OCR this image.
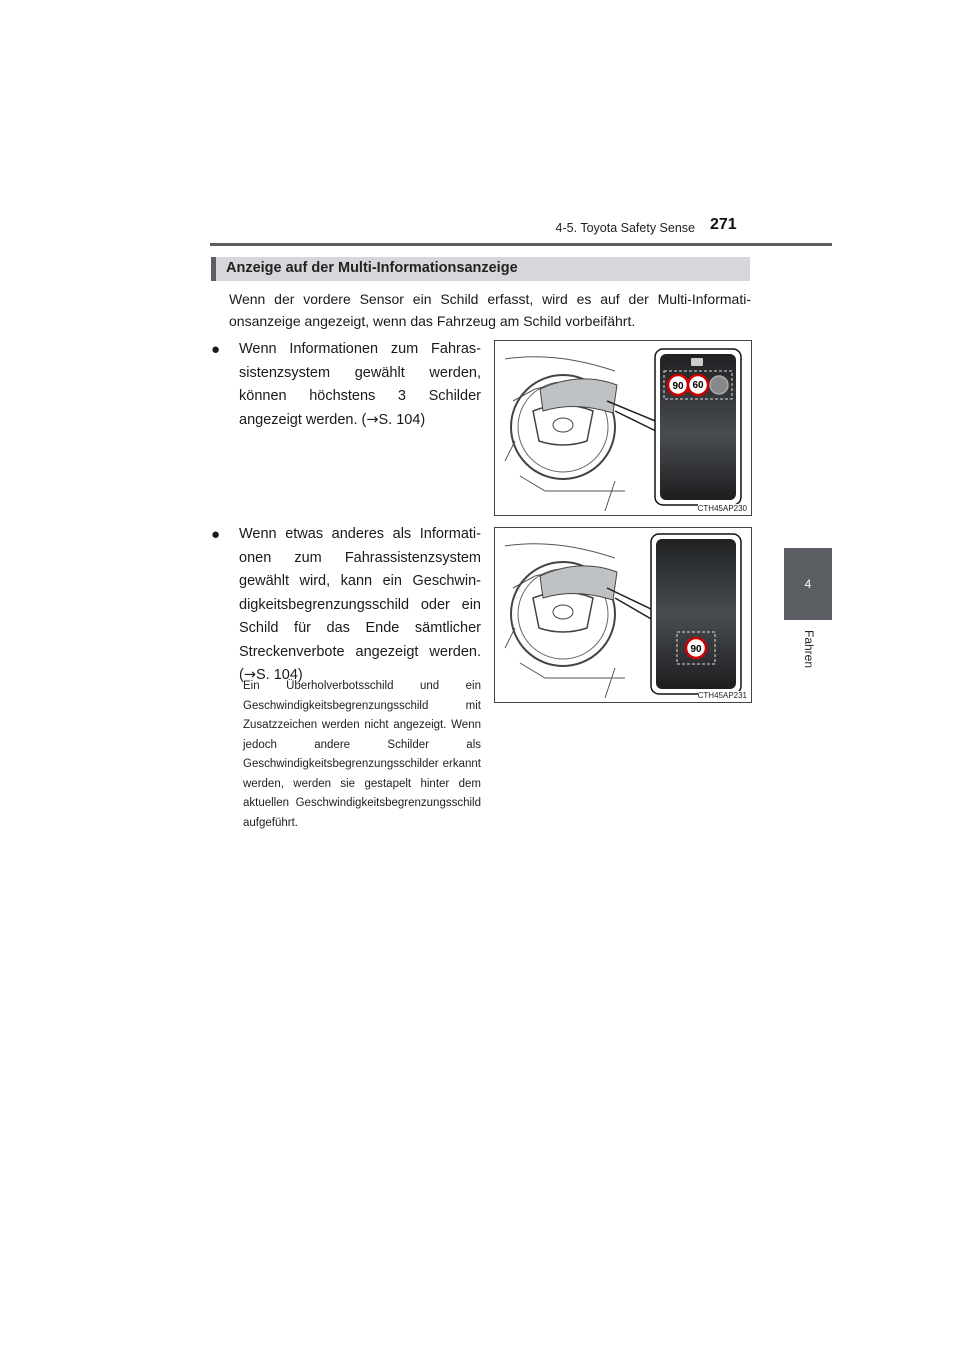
4-5. Toyota Safety Sense 271
4
Fahren
Anzeige auf der Multi-Informationsanzeige
Wenn der vordere Sensor ein Schild erfasst, wird es auf der Multi-Informationsanzeige angezeigt, wenn das Fahrzeug am Schild vorbeifährt.
● Wenn Informationen zum Fahrassistenzsystem gewählt werden, können höchstens 3 Schilder angezeigt werden. (→S. 104)
● Wenn etwas anderes als Informationen zum Fahrassistenzsystem gewählt wird, kann ein Geschwindigkeitsbegrenzungsschild oder ein Schild für das Ende sämtlicher Streckenverbote angezeigt werden. (→S. 104)
Ein Überholverbotsschild und ein Geschwindigkeitsbegrenzungsschild mit Zusatzzeichen werden nicht angezeigt. Wenn jedoch andere Schilder als Geschwindigkeitsbegrenzungsschilder erkannt werden, werden sie gestapelt hinter dem aktuellen Geschwindigkeitsbegrenzungsschild aufgeführt.
90 60
CTH45AP230
90
CTH45AP231
